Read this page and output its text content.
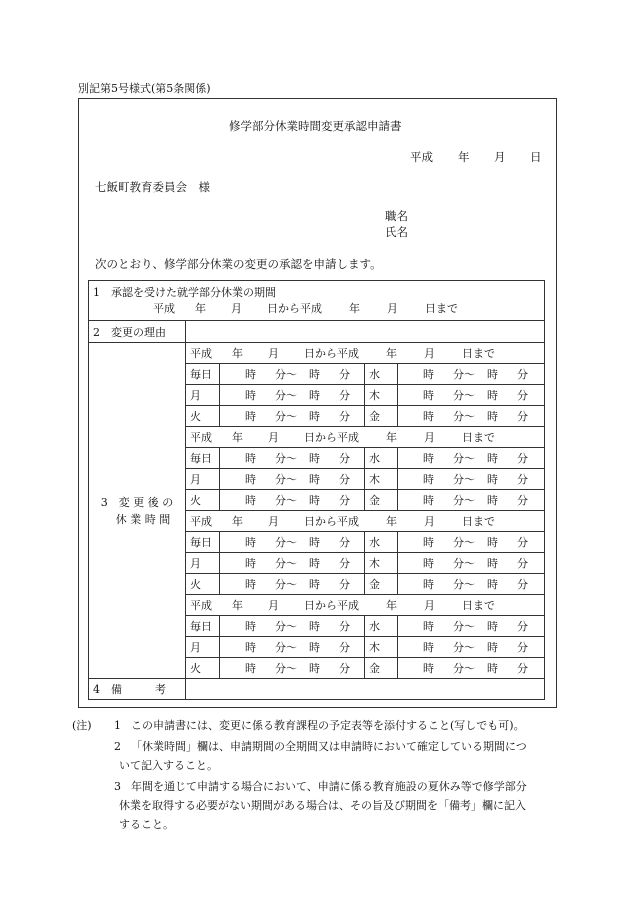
別記第5号様式(第5条関係)
修学部分休業時間変更承認申請書
平成 年 月 日
七飯町教育委員会　様
職名
氏名
次のとおり、修学部分休業の変更の承認を申請します。
1　承認を受けた就学部分休業の期間
平成 年 月 日から平成 年 月 日まで				

2　変更の理由				
3　変 更 後 の
休 業 時 間	平成 年 月 日から平成 年 月 日まで			
	毎日	時 分～ 時 分	水	時 分～ 時 分
	月	時 分～ 時 分	木	時 分～ 時 分
	火	時 分～ 時 分	金	時 分～ 時 分
	平成 年 月 日から平成 年 月 日まで			
	毎日	時 分～ 時 分	水	時 分～ 時 分
	月	時 分～ 時 分	木	時 分～ 時 分
	火	時 分～ 時 分	金	時 分～ 時 分
	平成 年 月 日から平成 年 月 日まで			
	毎日	時 分～ 時 分	水	時 分～ 時 分
	月	時 分～ 時 分	木	時 分～ 時 分
	火	時 分～ 時 分	金	時 分～ 時 分
	平成 年 月 日から平成 年 月 日まで			
	毎日	時 分～ 時 分	水	時 分～ 時 分
	月	時 分～ 時 分	木	時 分～ 時 分
	火	時 分～ 時 分	金	時 分～ 時 分
4　備　　　考				
(注) 1 この申請書には、変更に係る教育課程の予定表等を添付すること(写しでも可)。
2 「休業時間」欄は、申請期間の全期間又は申請時において確定している期間につ
いて記入すること。
3 年間を通じて申請する場合において、申請に係る教育施設の夏休み等で修学部分
休業を取得する必要がない期間がある場合は、その旨及び期間を「備考」欄に記入
すること。
